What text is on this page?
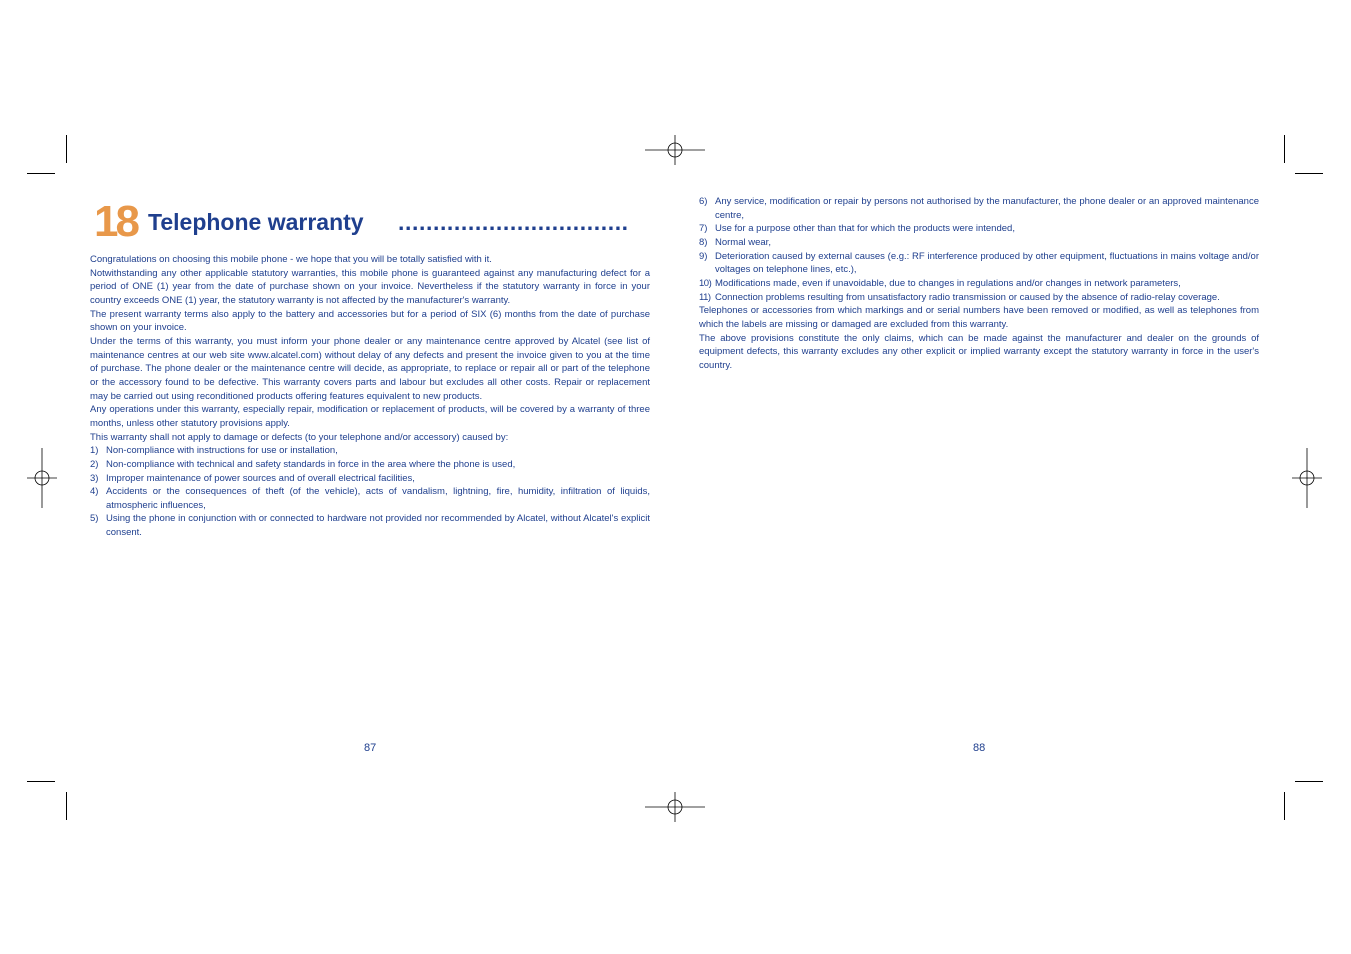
18 Telephone warranty .................................

Congratulations on choosing this mobile phone - we hope that you will be totally satisfied with it.

Notwithstanding any other applicable statutory warranties, this mobile phone is guaranteed against any manufacturing defect for a period of ONE (1) year from the date of purchase shown on your invoice. Nevertheless if the statutory warranty in force in your country exceeds ONE (1) year, the statutory warranty is not affected by the manufacturer's warranty.

The present warranty terms also apply to the battery and accessories but for a period of SIX (6) months from the date of purchase shown on your invoice.

Under the terms of this warranty, you must inform your phone dealer or any maintenance centre approved by Alcatel (see list of maintenance centres at our web site www.alcatel.com) without delay of any defects and present the invoice given to you at the time of purchase. The phone dealer or the maintenance centre will decide, as appropriate, to replace or repair all or part of the telephone or the accessory found to be defective. This warranty covers parts and labour but excludes all other costs. Repair or replacement may be carried out using reconditioned products offering features equivalent to new products.

Any operations under this warranty, especially repair, modification or replacement of products, will be covered by a warranty of three months, unless other statutory provisions apply.

This warranty shall not apply to damage or defects (to your telephone and/or accessory) caused by:

1) Non-compliance with instructions for use or installation,
2) Non-compliance with technical and safety standards in force in the area where the phone is used,
3) Improper maintenance of power sources and of overall electrical facilities,
4) Accidents or the consequences of theft (of the vehicle), acts of vandalism, lightning, fire, humidity, infiltration of liquids, atmospheric influences,
5) Using the phone in conjunction with or connected to hardware not provided nor recommended by Alcatel, without Alcatel's explicit consent.
6) Any service, modification or repair by persons not authorised by the manufacturer, the phone dealer or an approved maintenance centre,
7) Use for a purpose other than that for which the products were intended,
8) Normal wear,
9) Deterioration caused by external causes (e.g.: RF interference produced by other equipment, fluctuations in mains voltage and/or voltages on telephone lines, etc.),
10) Modifications made, even if unavoidable, due to changes in regulations and/or changes in network parameters,
11) Connection problems resulting from unsatisfactory radio transmission or caused by the absence of radio-relay coverage.

Telephones or accessories from which markings and or serial numbers have been removed or modified, as well as telephones from which the labels are missing or damaged are excluded from this warranty.

The above provisions constitute the only claims, which can be made against the manufacturer and dealer on the grounds of equipment defects, this warranty excludes any other explicit or implied warranty except the statutory warranty in force in the user's country.

87	88
